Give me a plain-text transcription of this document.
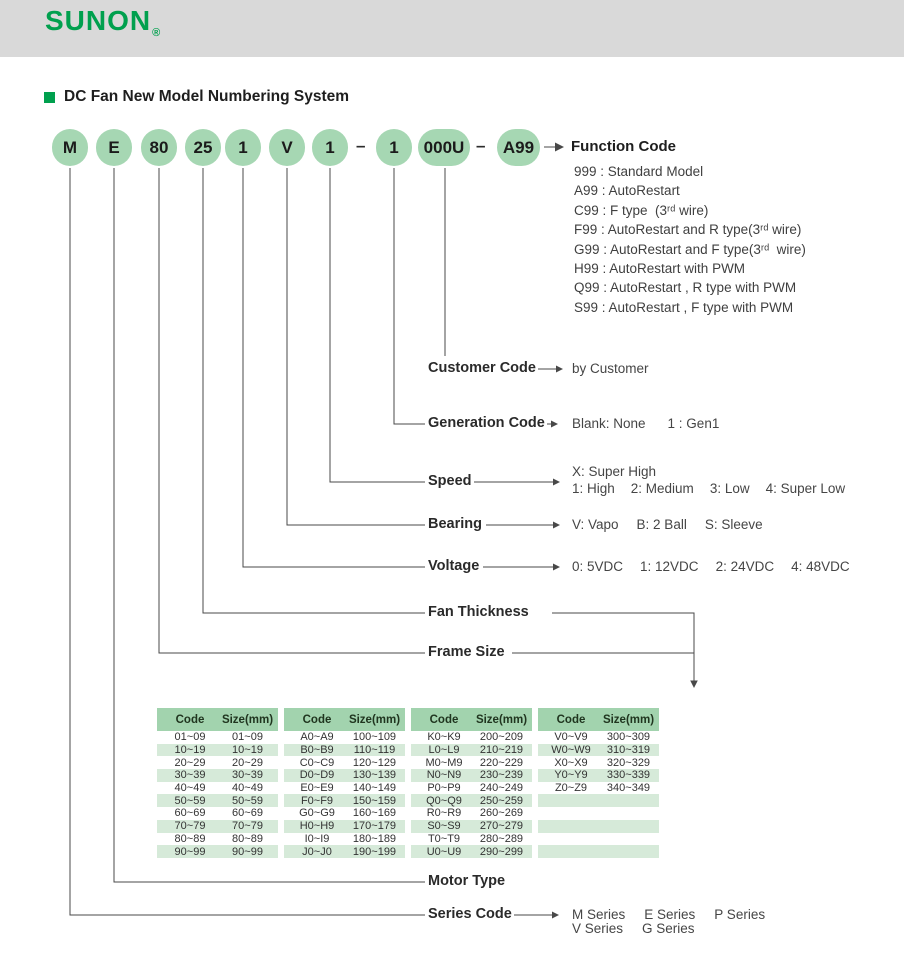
$SUNON_®$
DC Fan New Model Numbering System
M	E	80	25	1	V	1	–	1	000U –	A99	Function Code
999 : Standard Model
A99 : AutoRestart
C99 : F type  (3ʳᵈ wire)
F99 : AutoRestart and R type(3ʳᵈ wire)
G99 : AutoRestart and F type(3ʳᵈ  wire)
H99 : AutoRestart with PWM
Q99 : AutoRestart , R type with PWM
S99 : AutoRestart , F type with PWM
Customer Code	by Customer
Generation Code Blank: None 1 : Gen1
Speed
X: Super High
1: High 2: Medium 3: Low 4: Super Low
Bearing	V: Vapo B: 2 Ball S: Sleeve
Voltage	0: 5VDC 1: 12VDC 2: 24VDC 4: 48VDC
Fan Thickness
Frame Size
Motor Type
Series Code	M Series E Series P Series
V Series G Series
Code	Size(mm)
01~09	01~09
10~19	10~19
20~29	20~29
30~39	30~39
40~49	40~49
50~59	50~59
60~69	60~69
70~79	70~79
80~89	80~89
90~99	90~99
Code	Size(mm)
A0~A9	100~109
B0~B9	110~119
C0~C9	120~129
D0~D9	130~139
E0~E9	140~149
F0~F9	150~159
G0~G9	160~169
H0~H9	170~179
I0~I9	180~189
J0~J0	190~199
Code	Size(mm)
K0~K9	200~209
L0~L9	210~219
M0~M9	220~229
N0~N9	230~239
P0~P9	240~249
Q0~Q9	250~259
R0~R9	260~269
S0~S9	270~279
T0~T9	280~289
U0~U9	290~299
Code	Size(mm)
V0~V9	300~309
W0~W9	310~319
X0~X9	320~329
Y0~Y9	330~339
Z0~Z9	340~349
